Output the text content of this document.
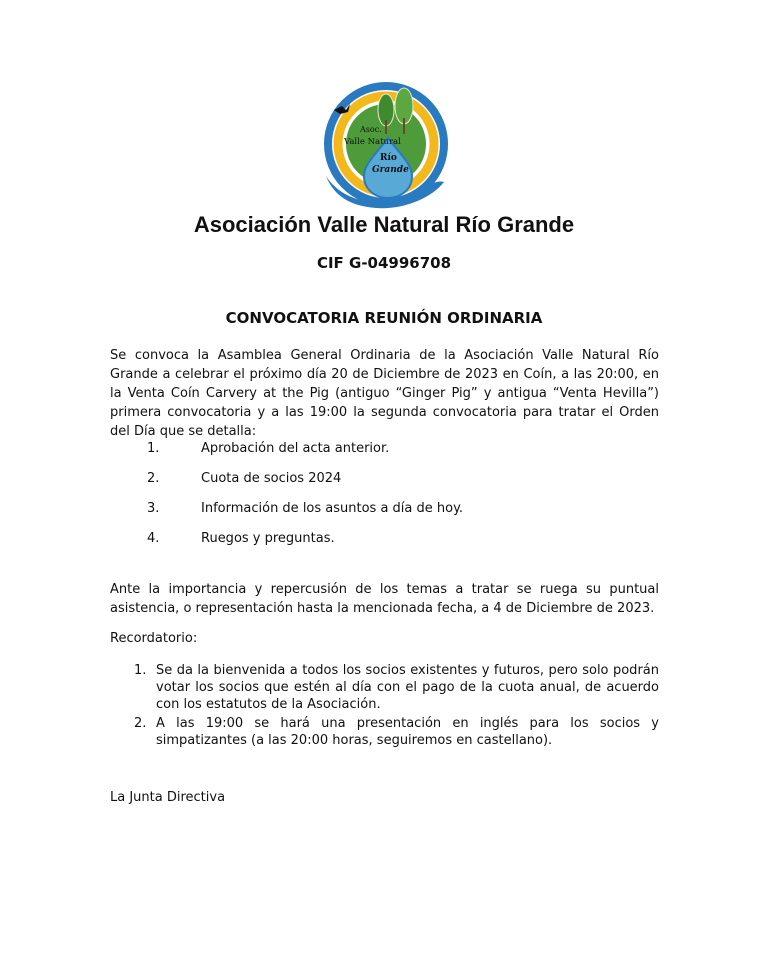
Asoc.
Valle Natural
Río
Grande
Asociación Valle Natural Río Grande
CIF G-04996708
CONVOCATORIA REUNIÓN ORDINARIA

Se convoca la Asamblea General Ordinaria de la Asociación Valle Natural Río Grande a celebrar el próximo día 20 de Diciembre de 2023 en Coín, a las 20:00, en la Venta Coín Carvery at the Pig (antiguo “Ginger Pig” y antigua “Venta Hevilla”) primera convocatoria y a las 19:00 la segunda convocatoria para tratar el Orden del Día que se detalla:

1.	Aprobación del acta anterior.
2.	Cuota de socios 2024
3.	Información de los asuntos a día de hoy.
4.	Ruegos y preguntas.

Ante la importancia y repercusión de los temas a tratar se ruega su puntual asistencia, o representación hasta la mencionada fecha, a 4 de Diciembre de 2023.

Recordatorio:
1. Se da la bienvenida a todos los socios existentes y futuros, pero solo podrán votar los socios que estén al día con el pago de la cuota anual, de acuerdo con los estatutos de la Asociación.
2. A las 19:00 se hará una presentación en inglés para los socios y simpatizantes (a las 20:00 horas, seguiremos en castellano).
La Junta Directiva
